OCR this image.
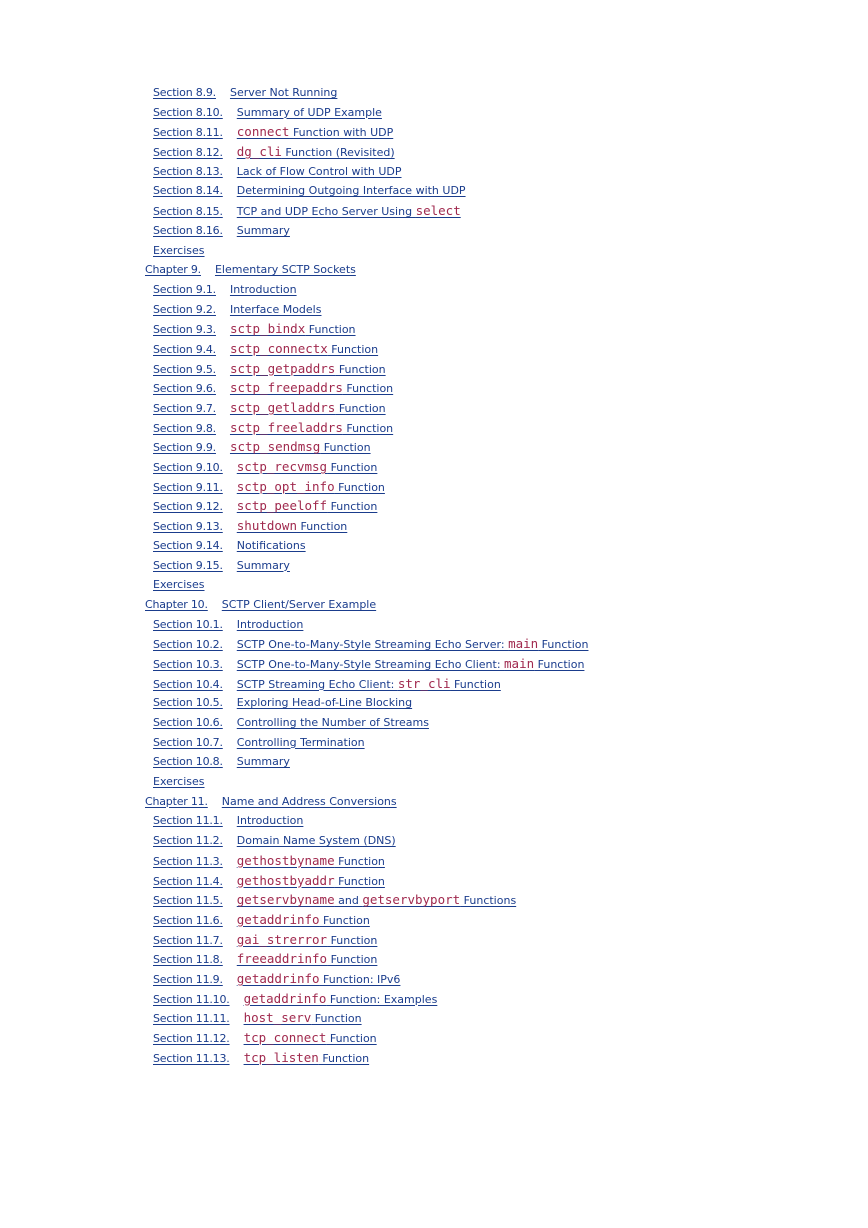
Section 8.9. Server Not Running
Section 8.10. Summary of UDP Example
Section 8.11. connect Function with UDP
Section 8.12. dg_cli Function (Revisited)
Section 8.13. Lack of Flow Control with UDP
Section 8.14. Determining Outgoing Interface with UDP
Section 8.15. TCP and UDP Echo Server Using select
Section 8.16. Summary
Exercises
Chapter 9. Elementary SCTP Sockets
Section 9.1. Introduction
Section 9.2. Interface Models
Section 9.3. sctp_bindx Function
Section 9.4. sctp_connectx Function
Section 9.5. sctp_getpaddrs Function
Section 9.6. sctp_freepaddrs Function
Section 9.7. sctp_getladdrs Function
Section 9.8. sctp_freeladdrs Function
Section 9.9. sctp_sendmsg Function
Section 9.10. sctp_recvmsg Function
Section 9.11. sctp_opt_info Function
Section 9.12. sctp_peeloff Function
Section 9.13. shutdown Function
Section 9.14. Notifications
Section 9.15. Summary
Exercises
Chapter 10. SCTP Client/Server Example
Section 10.1. Introduction
Section 10.2. SCTP One-to-Many-Style Streaming Echo Server: main Function
Section 10.3. SCTP One-to-Many-Style Streaming Echo Client: main Function
Section 10.4. SCTP Streaming Echo Client: str_cli Function
Section 10.5. Exploring Head-of-Line Blocking
Section 10.6. Controlling the Number of Streams
Section 10.7. Controlling Termination
Section 10.8. Summary
Exercises
Chapter 11. Name and Address Conversions
Section 11.1. Introduction
Section 11.2. Domain Name System (DNS)
Section 11.3. gethostbyname Function
Section 11.4. gethostbyaddr Function
Section 11.5. getservbyname and getservbyport Functions
Section 11.6. getaddrinfo Function
Section 11.7. gai_strerror Function
Section 11.8. freeaddrinfo Function
Section 11.9. getaddrinfo Function: IPv6
Section 11.10. getaddrinfo Function: Examples
Section 11.11. host_serv Function
Section 11.12. tcp_connect Function
Section 11.13. tcp_listen Function
